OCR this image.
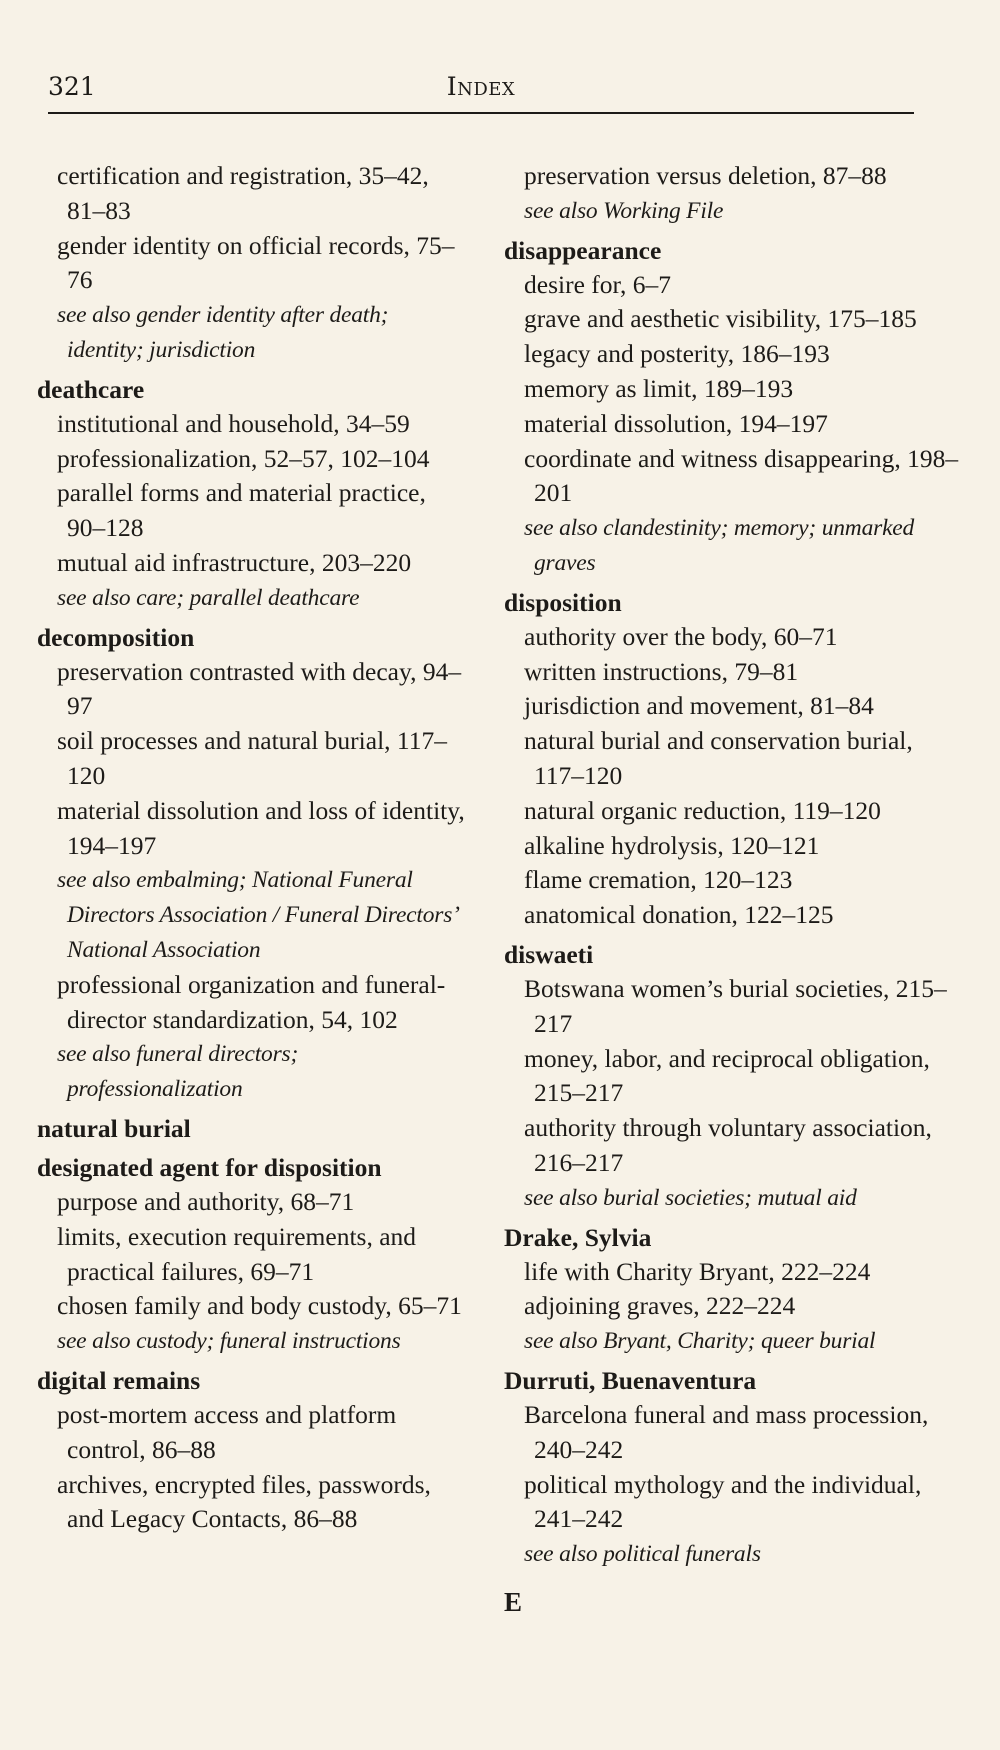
321	Index
certification and registration, 35–42, 81–83
gender identity on official records, 75–76
see also gender identity after death; identity; jurisdiction
deathcare
institutional and household, 34–59
professionalization, 52–57, 102–104
parallel forms and material practice, 90–128
mutual aid infrastructure, 203–220
see also care; parallel deathcare
decomposition
preservation contrasted with decay, 94–97
soil processes and natural burial, 117–120
material dissolution and loss of identity, 194–197
see also embalming; National Funeral Directors Association / Funeral Directors’ National Association
professional organization and funeral-director standardization, 54, 102
see also funeral directors; professionalization
natural burial
designated agent for disposition
purpose and authority, 68–71
limits, execution requirements, and practical failures, 69–71
chosen family and body custody, 65–71
see also custody; funeral instructions
digital remains
post-mortem access and platform control, 86–88
archives, encrypted files, passwords, and Legacy Contacts, 86–88
preservation versus deletion, 87–88
see also Working File
disappearance
desire for, 6–7
grave and aesthetic visibility, 175–185
legacy and posterity, 186–193
memory as limit, 189–193
material dissolution, 194–197
coordinate and witness disappearing, 198–201
see also clandestinity; memory; unmarked graves
disposition
authority over the body, 60–71
written instructions, 79–81
jurisdiction and movement, 81–84
natural burial and conservation burial, 117–120
natural organic reduction, 119–120
alkaline hydrolysis, 120–121
flame cremation, 120–123
anatomical donation, 122–125
diswaeti
Botswana women’s burial societies, 215–217
money, labor, and reciprocal obligation, 215–217
authority through voluntary association, 216–217
see also burial societies; mutual aid
Drake, Sylvia
life with Charity Bryant, 222–224
adjoining graves, 222–224
see also Bryant, Charity; queer burial
Durruti, Buenaventura
Barcelona funeral and mass procession, 240–242
political mythology and the individual, 241–242
see also political funerals
E
